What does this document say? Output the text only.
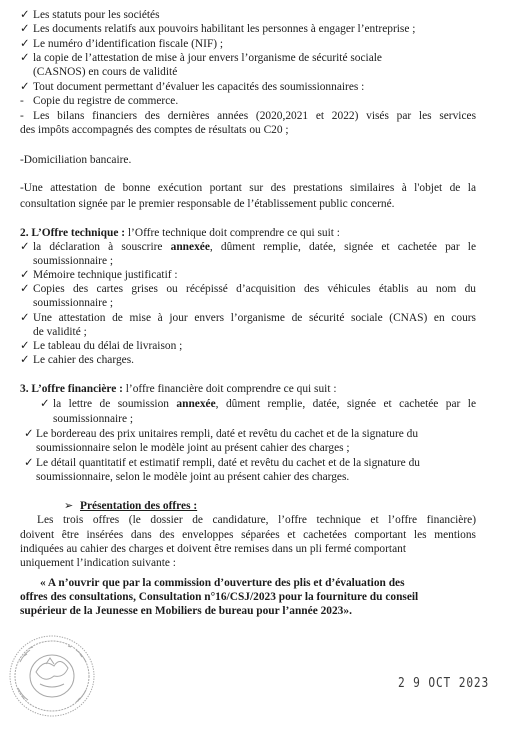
✓ Les statuts pour les sociétés
✓ Les documents relatifs aux pouvoirs habilitant les personnes à engager l’entreprise ;
✓ Le numéro d’identification fiscale (NIF) ;
✓ la copie de l’attestation de mise à jour envers l’organisme de sécurité sociale
(CASNOS) en cours de validité
✓ Tout document permettant d’évaluer les capacités des soumissionnaires :
- Copie du registre de commerce.
- Les bilans financiers des dernières années (2020,2021 et 2022) visés par les services
des impôts accompagnés des comptes de résultats ou C20 ;
-Domiciliation bancaire.
-Une attestation de bonne exécution portant sur des prestations similaires à l'objet de la
consultation signée par le premier responsable de l’établissement public concerné.
2. L’Offre technique : l’Offre technique doit comprendre ce qui suit :
✓ la déclaration à souscrire annexée, dûment remplie, datée, signée et cachetée par le
soumissionnaire ;
✓ Mémoire technique justificatif :
✓ Copies des cartes grises ou récépissé d’acquisition des véhicules établis au nom du
soumissionnaire ;
✓ Une attestation de mise à jour envers l’organisme de sécurité sociale (CNAS) en cours
de validité ;
✓ Le tableau du délai de livraison ;
✓ Le cahier des charges.
3. L’offre financière : l’offre financière doit comprendre ce qui suit :
✓ la lettre de soumission annexée, dûment remplie, datée, signée et cachetée par le
soumissionnaire ;
✓ Le bordereau des prix unitaires rempli, daté et revêtu du cachet et de la signature du
soumissionnaire selon le modèle joint au présent cahier des charges ;
✓ Le détail quantitatif et estimatif rempli, daté et revêtu du cachet et de la signature du
soumissionnaire, selon le modèle joint au présent cahier des charges.
➢ Présentation des offres :
Les trois offres (le dossier de candidature, l’offre technique et l’offre financière)
doivent être insérées dans des enveloppes séparées et cachetées comportant les mentions
indiquées au cahier des charges et doivent être remises dans un pli fermé comportant
uniquement l’indication suivante :
« A n’ouvrir que par la commission d’ouverture des plis et d’évaluation des
offres des consultations, Consultation n°16/CSJ/2023 pour la fourniture du conseil
supérieur de la Jeunesse en Mobiliers de bureau pour l’année 2023».
2 9 OCT 2023
